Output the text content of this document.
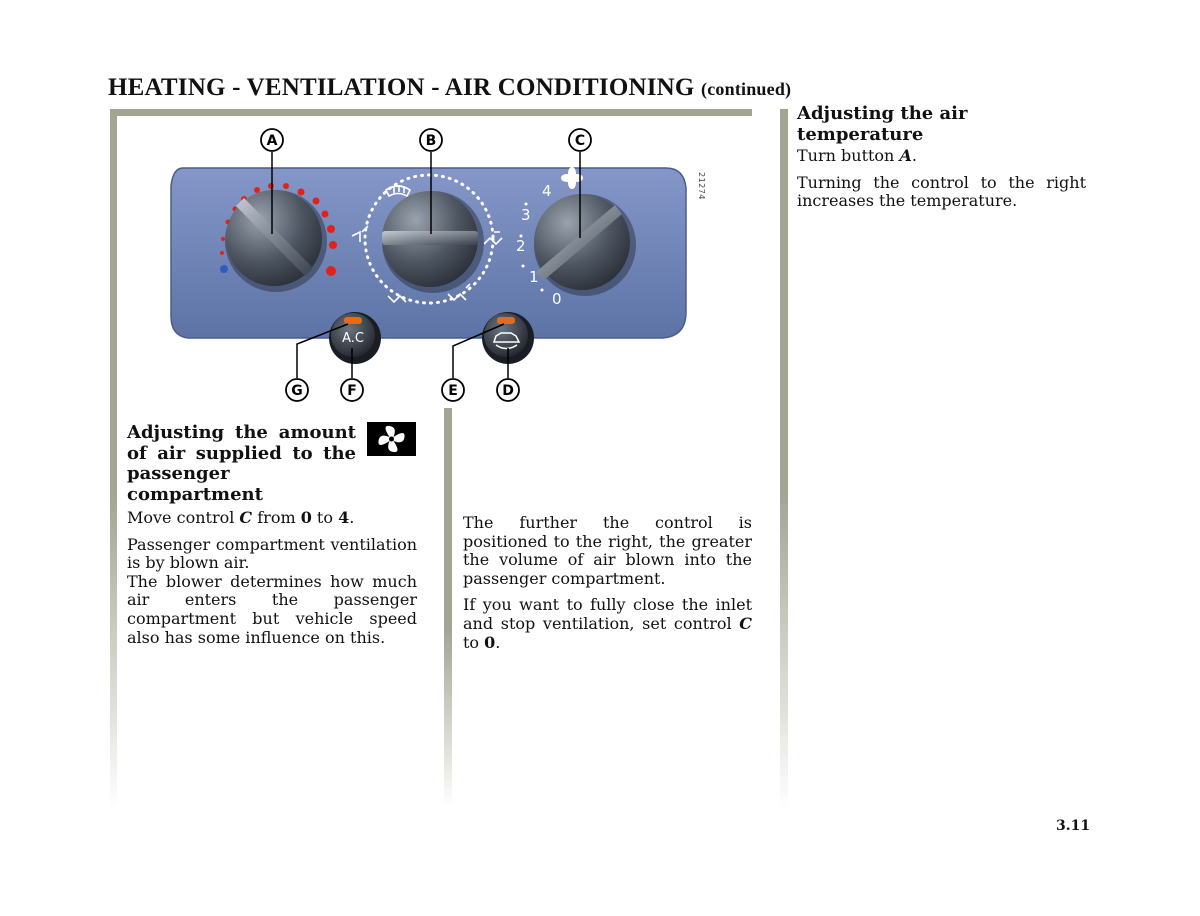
HEATING - VENTILATION - AIR CONDITIONING (continued)
4
3
2
1
0
A.C
A	B	C
G	F	E	D
21274
Adjusting the amount of air supplied to the passenger compartment
Move control C from 0 to 4.
Passenger compartment ventilation is by blown air.
The blower determines how much air enters the passenger compartment but vehicle speed also has some influence on this.
The further the control is positioned to the right, the greater the volume of air blown into the passenger compartment.
If you want to fully close the inlet and stop ventilation, set control C to 0.
Adjusting the air temperature
Turn button A.
Turning the control to the right increases the temperature.
3.11
